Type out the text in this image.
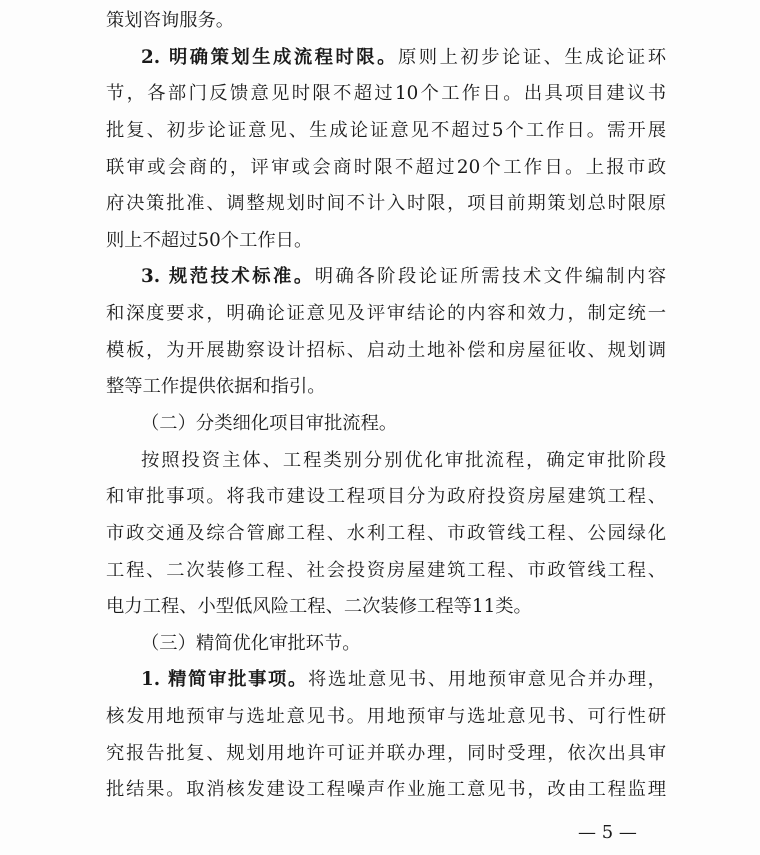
策划咨询服务。
2. 明确策划生成流程时限。原则上初步论证、生成论证环
节，各部门反馈意见时限不超过10个工作日。出具项目建议书
批复、初步论证意见、生成论证意见不超过5个工作日。需开展
联审或会商的，评审或会商时限不超过20个工作日。上报市政
府决策批准、调整规划时间不计入时限，项目前期策划总时限原
则上不超过50个工作日。
3. 规范技术标准。明确各阶段论证所需技术文件编制内容
和深度要求，明确论证意见及评审结论的内容和效力，制定统一
模板，为开展勘察设计招标、启动土地补偿和房屋征收、规划调
整等工作提供依据和指引。
（二）分类细化项目审批流程。
按照投资主体、工程类别分别优化审批流程，确定审批阶段
和审批事项。将我市建设工程项目分为政府投资房屋建筑工程、
市政交通及综合管廊工程、水利工程、市政管线工程、公园绿化
工程、二次装修工程、社会投资房屋建筑工程、市政管线工程、
电力工程、小型低风险工程、二次装修工程等11类。
（三）精简优化审批环节。
1. 精简审批事项。将选址意见书、用地预审意见合并办理，
核发用地预审与选址意见书。用地预审与选址意见书、可行性研
究报告批复、规划用地许可证并联办理，同时受理，依次出具审
批结果。取消核发建设工程噪声作业施工意见书，改由工程监理
— 5 —
